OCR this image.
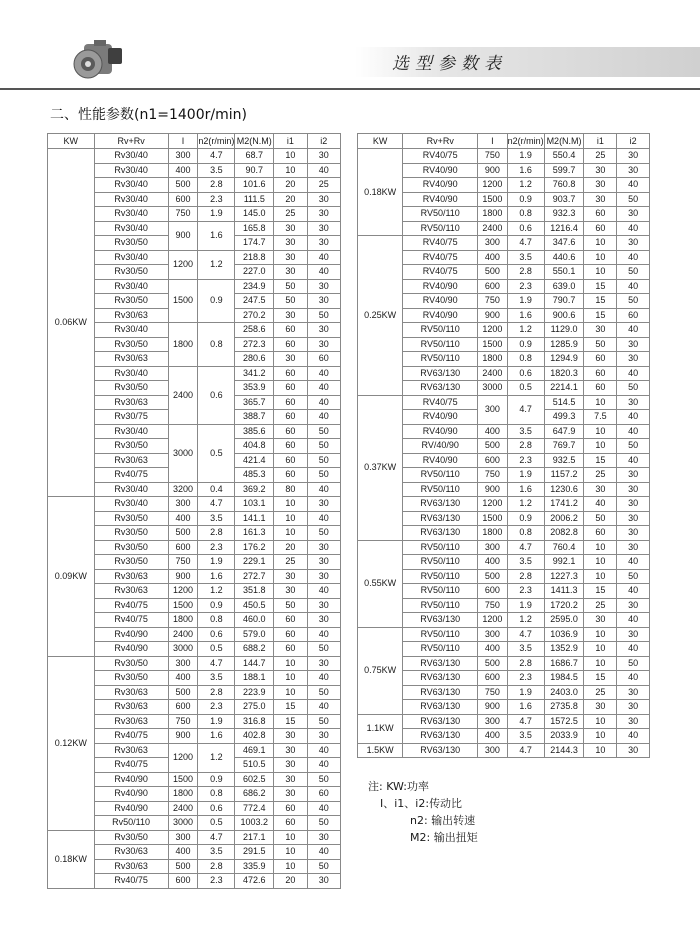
选型参数表
二、性能参数(n1=1400r/min)
KW	Rv+Rv	I	n2(r/min)	M2(N.M)	i1	i2
0.06KW	Rv30/40	300	4.7	68.7	10	30
	Rv30/40	400	3.5	90.7	10	40
	Rv30/40	500	2.8	101.6	20	25
	Rv30/40	600	2.3	111.5	20	30
	Rv30/40	750	1.9	145.0	25	30
	Rv30/40	900	1.6	165.8	30	30
	Rv30/50			174.7	30	30
	Rv30/40	1200	1.2	218.8	30	40
	Rv30/50			227.0	30	40
	Rv30/40	1500	0.9	234.9	50	30
	Rv30/50			247.5	50	30
	Rv30/63			270.2	30	50
	Rv30/40	1800	0.8	258.6	60	30
	Rv30/50			272.3	60	30
	Rv30/63			280.6	30	60
	Rv30/40	2400	0.6	341.2	60	40
	Rv30/50			353.9	60	40
	Rv30/63			365.7	60	40
	Rv30/75			388.7	60	40
	Rv30/40	3000	0.5	385.6	60	50
	Rv30/50			404.8	60	50
	Rv30/63			421.4	60	50
	Rv40/75			485.3	60	50
	Rv30/40	3200	0.4	369.2	80	40
0.09KW	Rv30/40	300	4.7	103.1	10	30
	Rv30/50	400	3.5	141.1	10	40
	Rv30/50	500	2.8	161.3	10	50
	Rv30/50	600	2.3	176.2	20	30
	Rv30/50	750	1.9	229.1	25	30
	Rv30/63	900	1.6	272.7	30	30
	Rv30/63	1200	1.2	351.8	30	40
	Rv40/75	1500	0.9	450.5	50	30
	Rv40/75	1800	0.8	460.0	60	30
	Rv40/90	2400	0.6	579.0	60	40
	Rv40/90	3000	0.5	688.2	60	50
0.12KW	Rv30/50	300	4.7	144.7	10	30
	Rv30/50	400	3.5	188.1	10	40
	Rv30/63	500	2.8	223.9	10	50
	Rv30/63	600	2.3	275.0	15	40
	Rv30/63	750	1.9	316.8	15	50
	Rv40/75	900	1.6	402.8	30	30
	Rv30/63	1200	1.2	469.1	30	40
	Rv40/75			510.5	30	40
	Rv40/90	1500	0.9	602.5	30	50
	Rv40/90	1800	0.8	686.2	30	60
	Rv40/90	2400	0.6	772.4	60	40
	Rv50/110	3000	0.5	1003.2	60	50
0.18KW	Rv30/50	300	4.7	217.1	10	30
	Rv30/63	400	3.5	291.5	10	40
	Rv30/63	500	2.8	335.9	10	50
	Rv40/75	600	2.3	472.6	20	30
KW	Rv+Rv	I	n2(r/min)	M2(N.M)	i1	i2
0.18KW	RV40/75	750	1.9	550.4	25	30
	RV40/90	900	1.6	599.7	30	30
	RV40/90	1200	1.2	760.8	30	40
	RV40/90	1500	0.9	903.7	30	50
	RV50/110	1800	0.8	932.3	60	30
	RV50/110	2400	0.6	1216.4	60	40
0.25KW	RV40/75	300	4.7	347.6	10	30
	RV40/75	400	3.5	440.6	10	40
	RV40/75	500	2.8	550.1	10	50
	RV40/90	600	2.3	639.0	15	40
	RV40/90	750	1.9	790.7	15	50
	RV40/90	900	1.6	900.6	15	60
	RV50/110	1200	1.2	1129.0	30	40
	RV50/110	1500	0.9	1285.9	50	30
	RV50/110	1800	0.8	1294.9	60	30
	RV63/130	2400	0.6	1820.3	60	40
	RV63/130	3000	0.5	2214.1	60	50
0.37KW	RV40/75	300	4.7	514.5	10	30
	RV40/90			499.3	7.5	40
	RV40/90	400	3.5	647.9	10	40
	RV/40/90	500	2.8	769.7	10	50
	RV40/90	600	2.3	932.5	15	40
	RV50/110	750	1.9	1157.2	25	30
	RV50/110	900	1.6	1230.6	30	30
	RV63/130	1200	1.2	1741.2	40	30
	RV63/130	1500	0.9	2006.2	50	30
	RV63/130	1800	0.8	2082.8	60	30
0.55KW	RV50/110	300	4.7	760.4	10	30
	RV50/110	400	3.5	992.1	10	40
	RV50/110	500	2.8	1227.3	10	50
	RV50/110	600	2.3	1411.3	15	40
	RV50/110	750	1.9	1720.2	25	30
	RV63/130	1200	1.2	2595.0	30	40
0.75KW	RV50/110	300	4.7	1036.9	10	30
	RV50/110	400	3.5	1352.9	10	40
	RV63/130	500	2.8	1686.7	10	50
	RV63/130	600	2.3	1984.5	15	40
	RV63/130	750	1.9	2403.0	25	30
	RV63/130	900	1.6	2735.8	30	30
1.1KW	RV63/130	300	4.7	1572.5	10	30
	RV63/130	400	3.5	2033.9	10	40
1.5KW	RV63/130	300	4.7	2144.3	10	30
注: KW:功率
I、i1、i2:传动比
n2: 输出转速
M2: 输出扭矩
